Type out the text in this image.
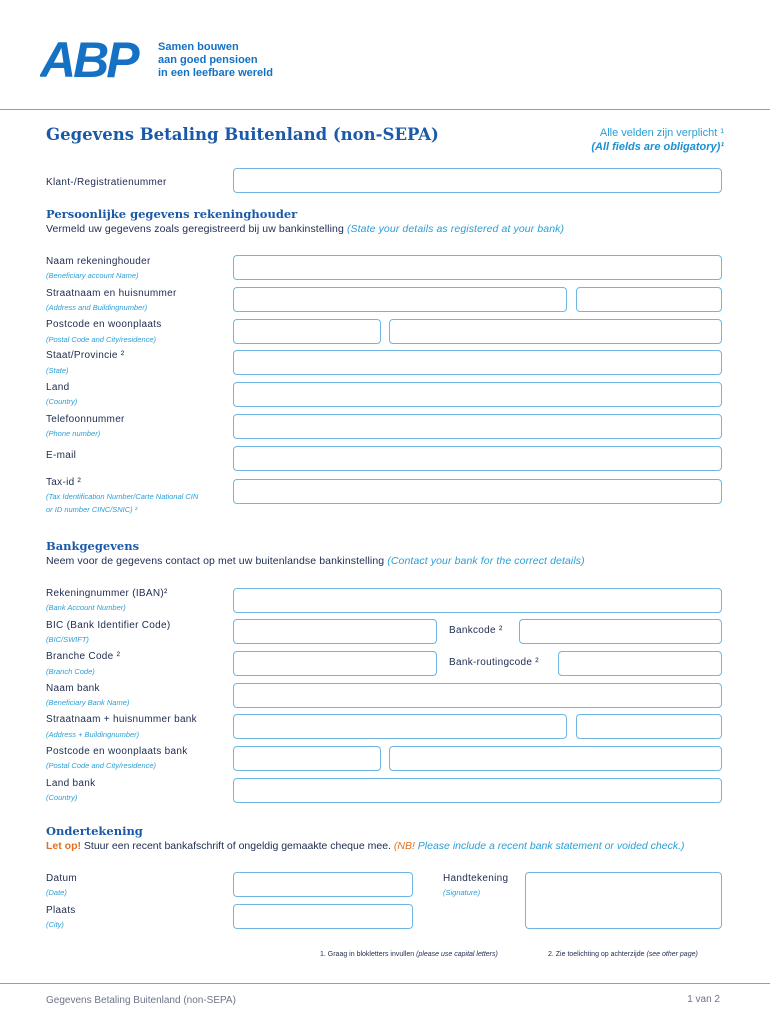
ABP	Samen bouwen
aan goed pensioen
in een leefbare wereld
Gegevens Betaling Buitenland (non-SEPA)	Alle velden zijn verplicht ¹
(All fields are obligatory)¹
Klant-/Registratienummer
Persoonlijke gegevens rekeninghouder
Vermeld uw gegevens zoals geregistreerd bij uw bankinstelling (State your details as registered at your bank)
Naam rekeninghouder
(Beneficiary account Name)
Straatnaam en huisnummer
(Address and Buildingnumber)
Postcode en woonplaats
(Postal Code and City/residence)
Staat/Provincie ²
(State)
Land
(Country)
Telefoonnummer
(Phone number)
E-mail
Tax-id ²
(Tax Identification Number/Carte National CIN
or ID number CINC/SNIC) ²
Bankgegevens
Neem voor de gegevens contact op met uw buitenlandse bankinstelling (Contact your bank for the correct details)
Rekeningnummer (IBAN)²
(Bank Account Number)
BIC (Bank Identifier Code)
(BIC/SWIFT)
Bankcode ²
Branche Code ²
(Branch Code)
Bank-routingcode ²
Naam bank
(Beneficiary Bank Name)
Straatnaam + huisnummer bank
(Address + Buildingnumber)
Postcode en woonplaats bank
(Postal Code and City/residence)
Land bank
(Country)
Ondertekening
Let op! Stuur een recent bankafschrift of ongeldig gemaakte cheque mee. (NB! Please include a recent bank statement or voided check.)
Datum
(Date)
Plaats
(City)
Handtekening
(Signature)
1. Graag in blokletters invullen (please use capital letters)	2. Zie toelichting op achterzijde (see other page)
Gegevens Betaling Buitenland (non-SEPA)	1 van 2
